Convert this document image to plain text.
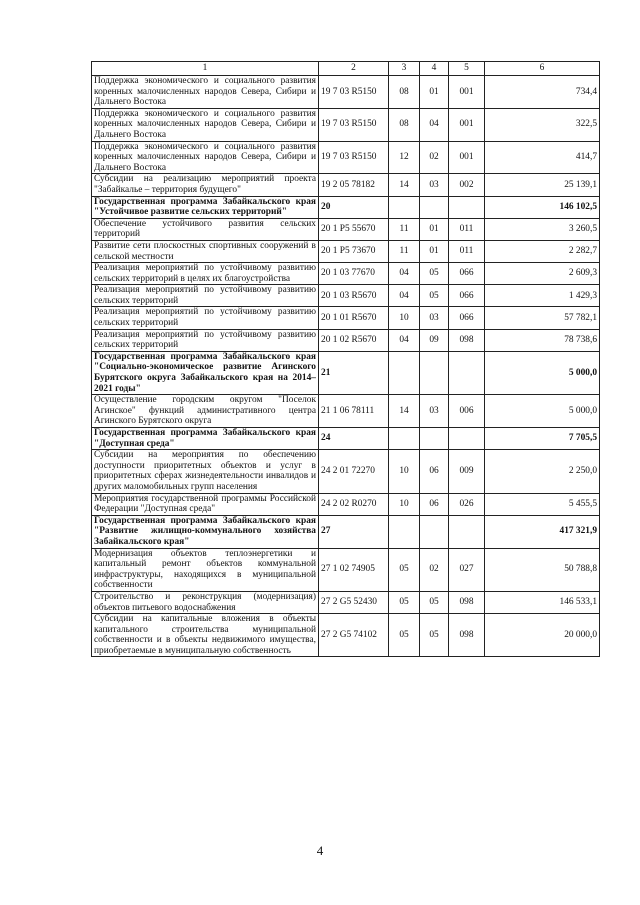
1	2	3	4	5	6
Поддержка экономического и социального развития коренных малочисленных народов Севера, Сибири и Дальнего Востока	19 7 03 R5150	08	01	001	734,4
Поддержка экономического и социального развития коренных малочисленных народов Севера, Сибири и Дальнего Востока	19 7 03 R5150	08	04	001	322,5
Поддержка экономического и социального развития коренных малочисленных народов Севера, Сибири и Дальнего Востока	19 7 03 R5150	12	02	001	414,7
Субсидии на реализацию мероприятий проекта "Забайкалье – территория будущего"	19 2 05 78182	14	03	002	25 139,1
Государственная программа Забайкальского края "Устойчивое развитие сельских территорий"	20				146 102,5
Обеспечение устойчивого развития сельских территорий	20 1 P5 55670	11	01	011	3 260,5
Развитие сети плоскостных спортивных сооружений в сельской местности	20 1 P5 73670	11	01	011	2 282,7
Реализация мероприятий по устойчивому развитию сельских территорий в целях их благоустройства	20 1 03 77670	04	05	066	2 609,3
Реализация мероприятий по устойчивому развитию сельских территорий	20 1 03 R5670	04	05	066	1 429,3
Реализация мероприятий по устойчивому развитию сельских территорий	20 1 01 R5670	10	03	066	57 782,1
Реализация мероприятий по устойчивому развитию сельских территорий	20 1 02 R5670	04	09	098	78 738,6
Государственная программа Забайкальского края "Социально-экономическое развитие Агинского Бурятского округа Забайкальского края на 2014–2021 годы"	21				5 000,0
Осуществление городским округом "Поселок Агинское" функций административного центра Агинского Бурятского округа	21 1 06 78111	14	03	006	5 000,0
Государственная программа Забайкальского края "Доступная среда"	24				7 705,5
Субсидии на мероприятия по обеспечению доступности приоритетных объектов и услуг в приоритетных сферах жизнедеятельности инвалидов и других маломобильных групп населения	24 2 01 72270	10	06	009	2 250,0
Мероприятия государственной программы Российской Федерации "Доступная среда"	24 2 02 R0270	10	06	026	5 455,5
Государственная программа Забайкальского края "Развитие жилищно-коммунального хозяйства Забайкальского края"	27				417 321,9
Модернизация объектов теплоэнергетики и капитальный ремонт объектов коммунальной инфраструктуры, находящихся в муниципальной собственности	27 1 02 74905	05	02	027	50 788,8
Строительство и реконструкция (модернизация) объектов питьевого водоснабжения	27 2 G5 52430	05	05	098	146 533,1
Субсидии на капитальные вложения в объекты капитального строительства муниципальной собственности и в объекты недвижимого имущества, приобретаемые в муниципальную собственность	27 2 G5 74102	05	05	098	20 000,0
4
